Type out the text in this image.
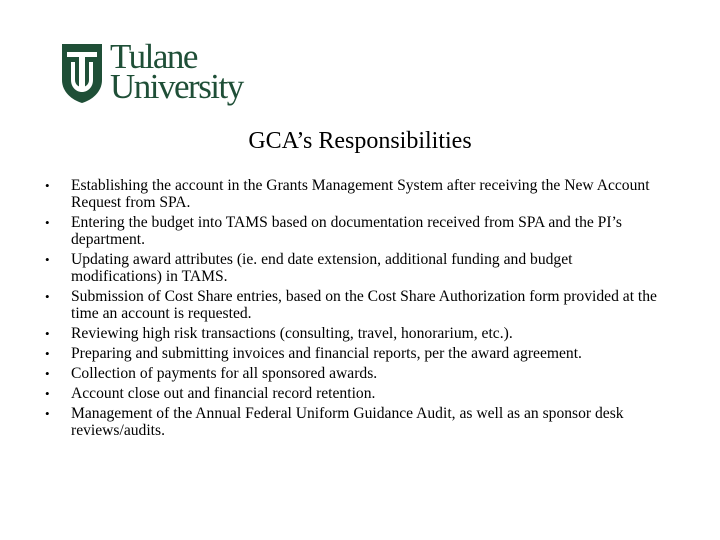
Tulane
University
GCA’s Responsibilities
•	Establishing the account in the Grants Management System after receiving the New Account Request from SPA.
•	Entering the budget into TAMS based on documentation received from SPA and the PI’s department.
•	Updating award attributes (ie. end date extension, additional funding and budget modifications) in TAMS.
•	Submission of Cost Share entries, based on the Cost Share Authorization form provided at the time an account is requested.
•	Reviewing high risk transactions (consulting, travel, honorarium, etc.).
•	Preparing and submitting invoices and financial reports, per the award agreement.
•	Collection of payments for all sponsored awards.
•	Account close out and financial record retention.
•	Management of the Annual Federal Uniform Guidance Audit, as well as an sponsor desk reviews/audits.
